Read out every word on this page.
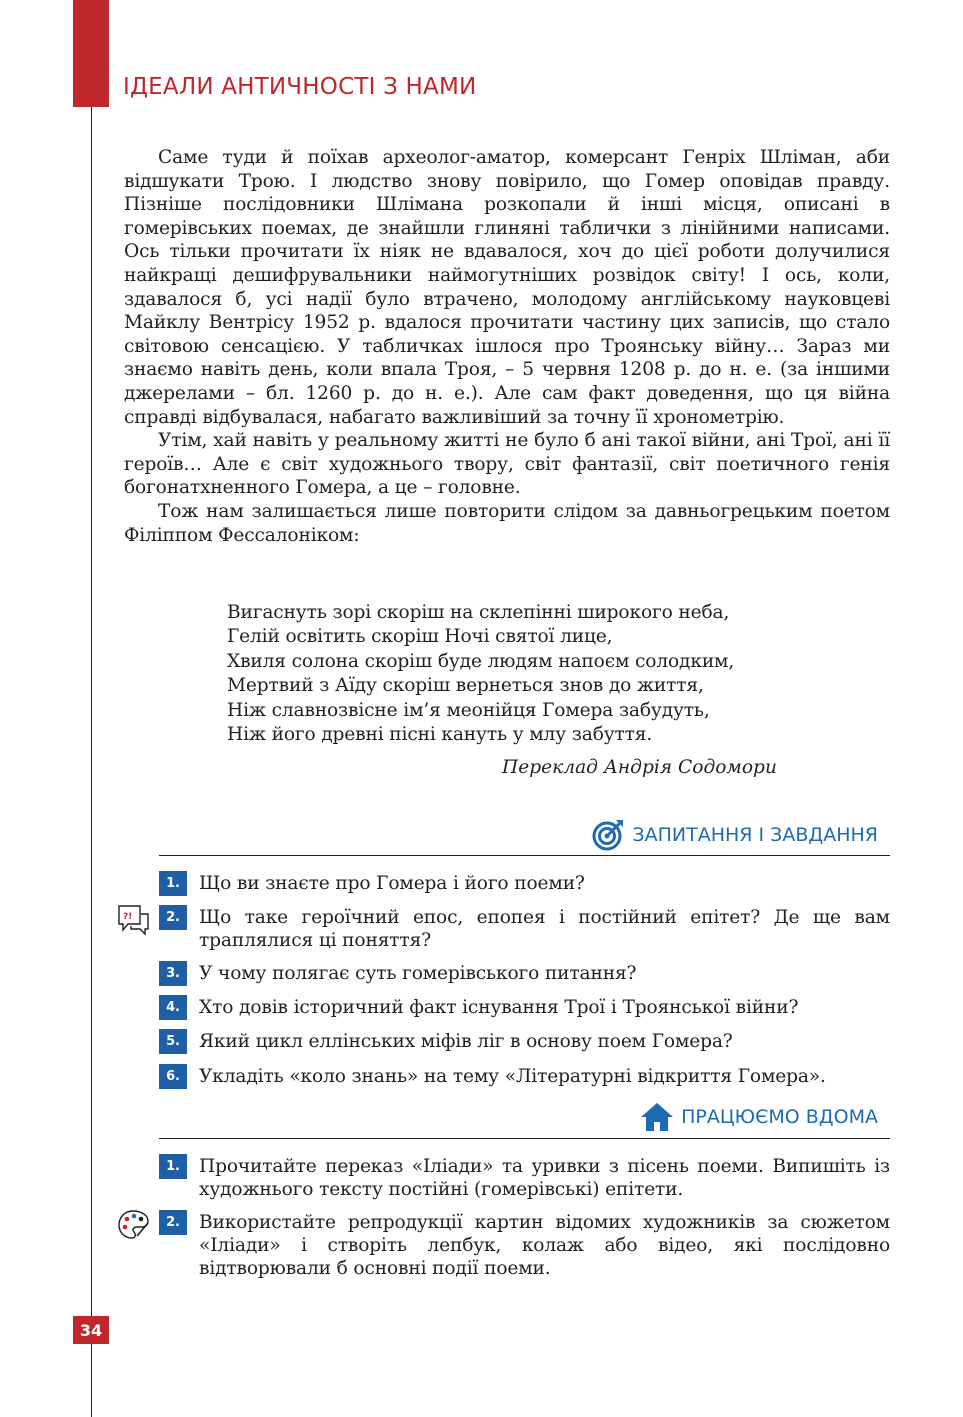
ІДЕАЛИ АНТИЧНОСТІ З НАМИ

Саме туди й поїхав археолог-аматор, комерсант Генріх Шліман, аби відшукати Трою. І людство знову повірило, що Гомер оповідав правду. Пізніше послідовники Шлімана розкопали й інші місця, описані в гомерівських поемах, де знайшли глиняні таблички з лінійними написами. Ось тільки прочитати їх ніяк не вдавалося, хоч до цієї роботи долучилися найкращі дешифрувальники наймогутніших розвідок світу! І ось, коли, здавалося б, усі надії було втрачено, молодому англійському науковцеві Майклу Вентрісу 1952 р. вдалося прочитати частину цих записів, що стало світовою сенсацією. У табличках ішлося про Троянську війну… Зараз ми знаємо навіть день, коли впала Троя, – 5 червня 1208 р. до н. е. (за іншими джерелами – бл. 1260 р. до н. е.). Але сам факт доведення, що ця війна справді відбувалася, набагато важливіший за точну її хронометрію.

Утім, хай навіть у реальному житті не було б ані такої війни, ані Трої, ані її героїв… Але є світ художнього твору, світ фантазії, світ поетичного генія богонатхненного Гомера, а це – головне.

Тож нам залишається лише повторити слідом за давньогрецьким поетом Філіппом Фессалоніком:

Вигаснуть зорі скоріш на склепінні широкого неба,
Гелій освітить скоріш Ночі святої лице,
Хвиля солона скоріш буде людям напоєм солодким,
Мертвий з Аїду скоріш вернеться знов до життя,
Ніж славнозвісне ім’я меонійця Гомера забудуть,
Ніж його древні пісні кануть у млу забуття.
Переклад Андрія Содомори
ЗАПИТАННЯ І ЗАВДАННЯ
?!
1.	Що ви знаєте про Гомера і його поеми?
2.	Що таке героїчний епос, епопея і постійний епітет? Де ще вам траплялися ці поняття?
3.	У чому полягає суть гомерівського питання?
4.	Хто довів історичний факт існування Трої і Троянської війни?
5.	Який цикл еллінських міфів ліг в основу поем Гомера?
6.	Укладіть «коло знань» на тему «Літературні відкриття Гомера».
ПРАЦЮЄМО ВДОМА
1.	Прочитайте переказ «Іліади» та уривки з пісень поеми. Випишіть із художнього тексту постійні (гомерівські) епітети.
2.	Використайте репродукції картин відомих художників за сюжетом «Іліади» і створіть лепбук, колаж або відео, які послідовно відтворювали б основні події поеми.
34
